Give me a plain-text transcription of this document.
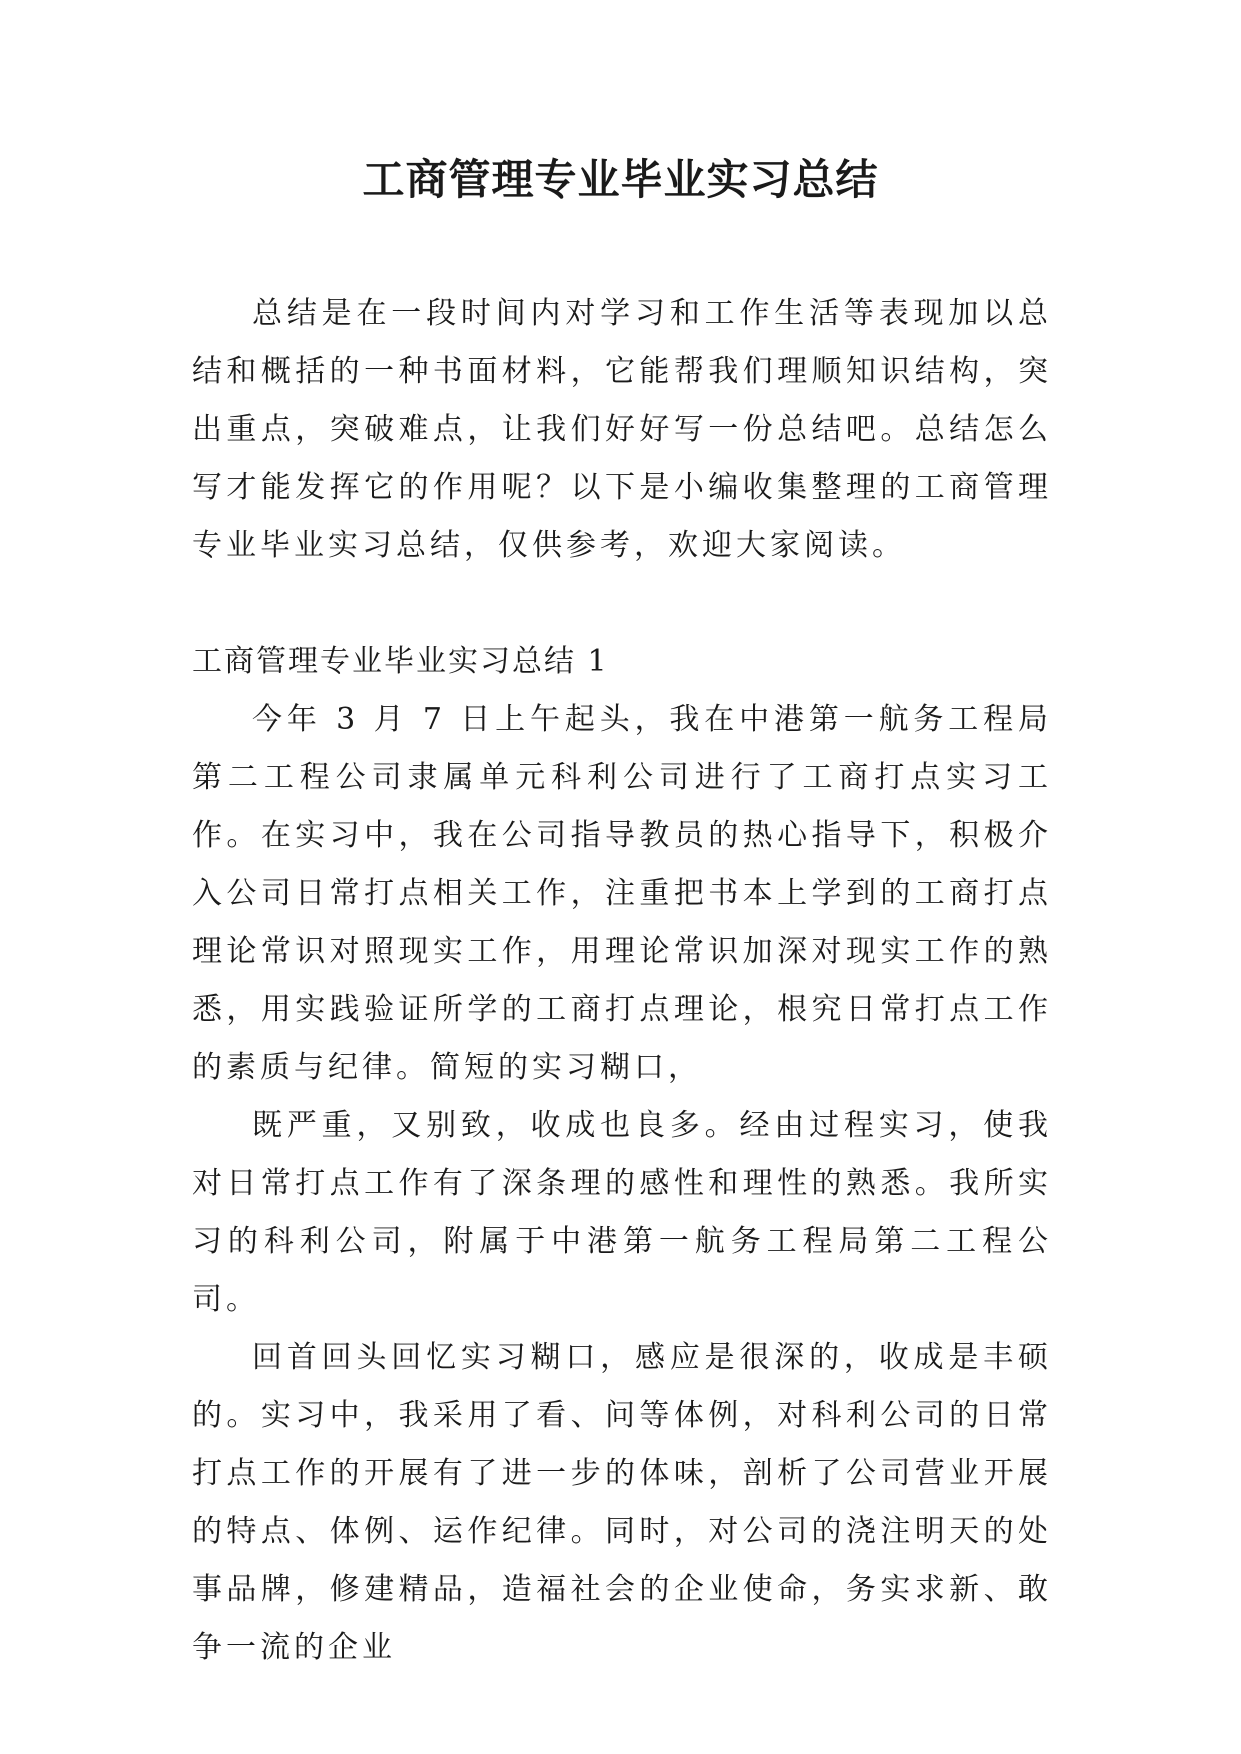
工商管理专业毕业实习总结

总结是在一段时间内对学习和工作生活等表现加以总结和概括的一种书面材料，它能帮我们理顺知识结构，突出重点，突破难点，让我们好好写一份总结吧。总结怎么写才能发挥它的作用呢？以下是小编收集整理的工商管理专业毕业实习总结，仅供参考，欢迎大家阅读。

工商管理专业毕业实习总结 1

今年 3 月 7 日上午起头，我在中港第一航务工程局第二工程公司隶属单元科利公司进行了工商打点实习工作。在实习中，我在公司指导教员的热心指导下，积极介入公司日常打点相关工作，注重把书本上学到的工商打点理论常识对照现实工作，用理论常识加深对现实工作的熟悉，用实践验证所学的工商打点理论，根究日常打点工作的素质与纪律。简短的实习糊口，

既严重，又别致，收成也良多。经由过程实习，使我对日常打点工作有了深条理的感性和理性的熟悉。我所实习的科利公司，附属于中港第一航务工程局第二工程公司。

回首回头回忆实习糊口，感应是很深的，收成是丰硕的。实习中，我采用了看、问等体例，对科利公司的日常打点工作的开展有了进一步的体味，剖析了公司营业开展的特点、体例、运作纪律。同时，对公司的浇注明天的处事品牌，修建精品，造福社会的企业使命，务实求新、敢争一流的企业
